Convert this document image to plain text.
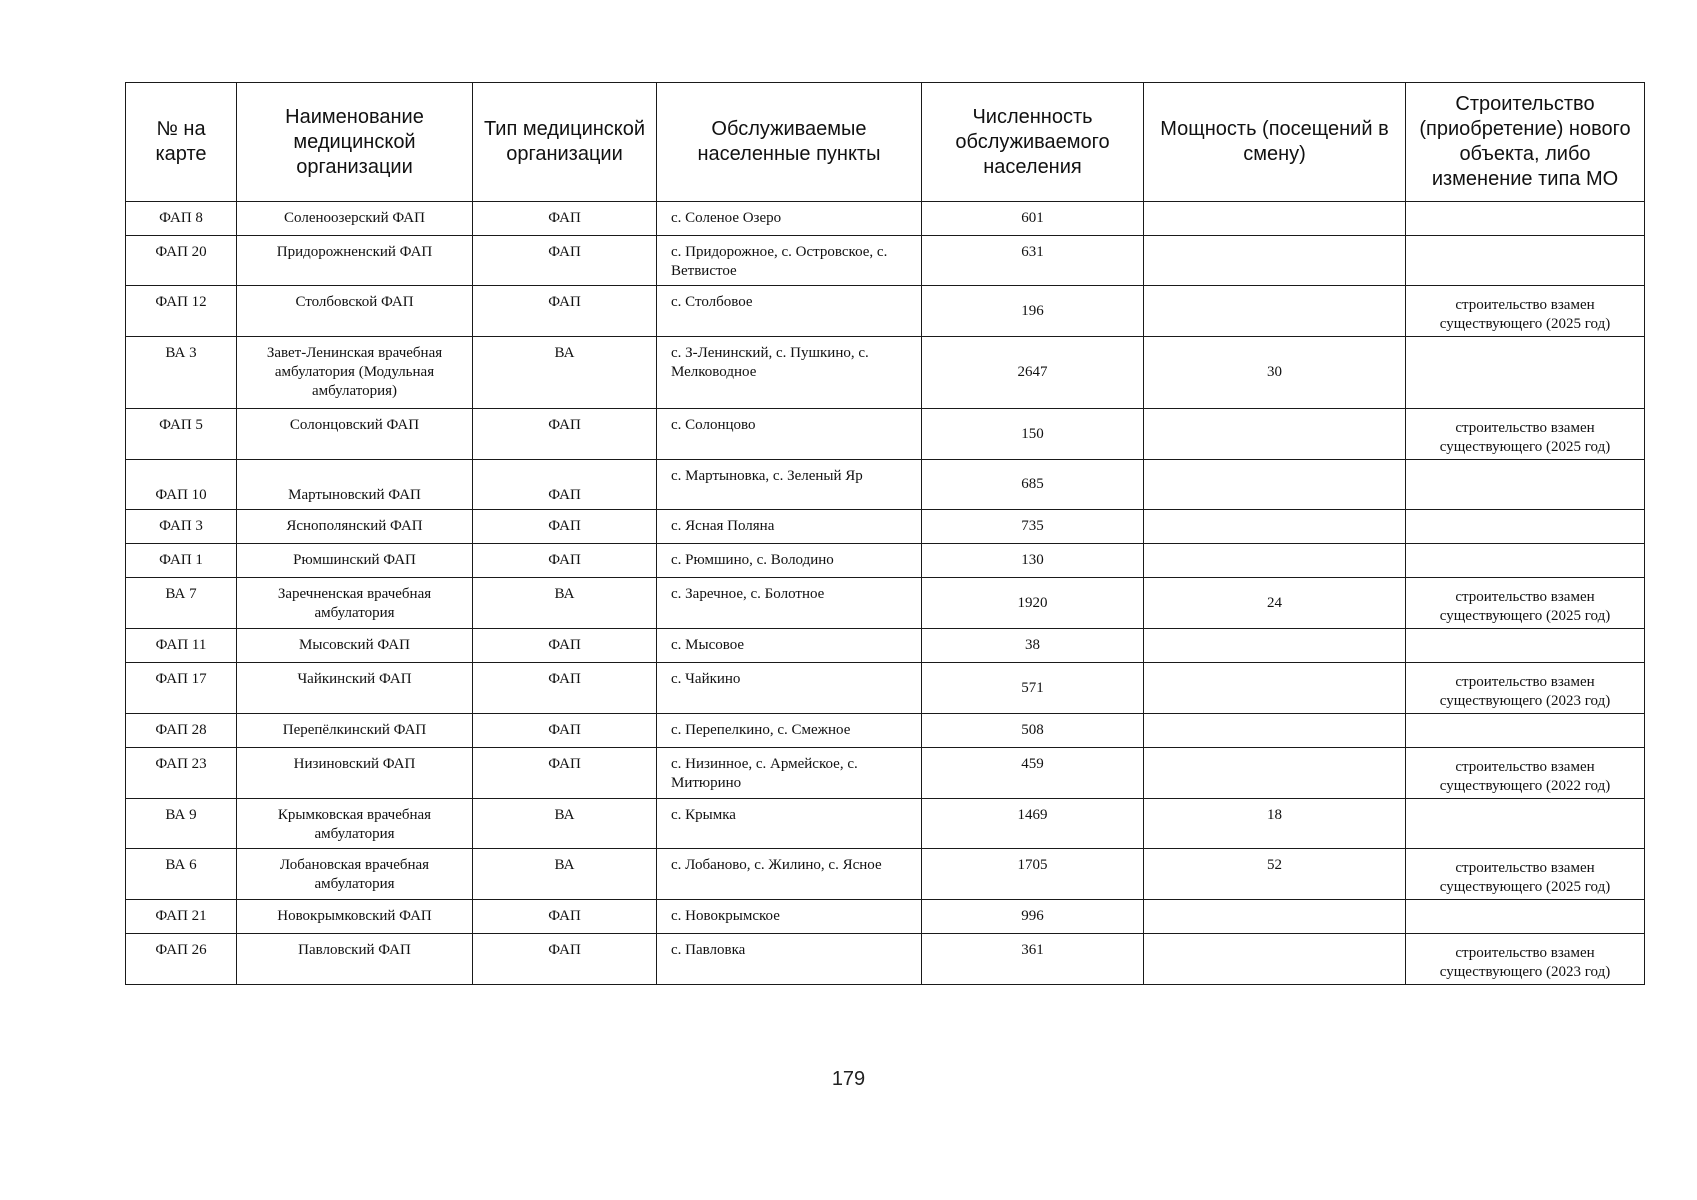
№ на карте	Наименование медицинской организации	Тип медицинской организации	Обслуживаемые населенные пункты	Численность обслуживаемого населения	Мощность (посещений в смену)	Строительство (приобретение) нового объекта, либо изменение типа МО
ФАП 8	Соленоозерский ФАП	ФАП	с. Соленое Озеро	601		
ФАП 20	Придорожненский ФАП	ФАП	с. Придорожное, с. Островское, с. Ветвистое	631		
ФАП 12	Столбовской ФАП	ФАП	с. Столбовое	196		строительство взамен существующего (2025 год)
ВА 3	Завет-Ленинская врачебная амбулатория (Модульная амбулатория)	ВА	с. З-Ленинский, с. Пушкино, с. Мелководное	2647	30	
ФАП 5	Солонцовский ФАП	ФАП	с. Солонцово	150		строительство взамен существующего (2025 год)
ФАП 10	Мартыновский ФАП	ФАП	с. Мартыновка, с. Зеленый Яр	685		
ФАП 3	Яснополянский ФАП	ФАП	с. Ясная Поляна	735		
ФАП 1	Рюмшинский ФАП	ФАП	с. Рюмшино, с. Володино	130		
ВА 7	Заречненская врачебная амбулатория	ВА	с. Заречное, с. Болотное	1920	24	строительство взамен существующего (2025 год)
ФАП 11	Мысовский ФАП	ФАП	с. Мысовое	38		
ФАП 17	Чайкинский ФАП	ФАП	с. Чайкино	571		строительство взамен существующего (2023 год)
ФАП 28	Перепёлкинский ФАП	ФАП	с. Перепелкино, с. Смежное	508		
ФАП 23	Низиновский ФАП	ФАП	с. Низинное, с. Армейское, с. Митюрино	459		строительство взамен существующего (2022 год)
ВА 9	Крымковская врачебная амбулатория	ВА	с. Крымка	1469	18	
ВА 6	Лобановская врачебная амбулатория	ВА	с. Лобаново, с. Жилино, с. Ясное	1705	52	строительство взамен существующего (2025 год)
ФАП 21	Новокрымковский ФАП	ФАП	с. Новокрымское	996		
ФАП 26	Павловский ФАП	ФАП	с. Павловка	361		строительство взамен существующего (2023 год)
179
